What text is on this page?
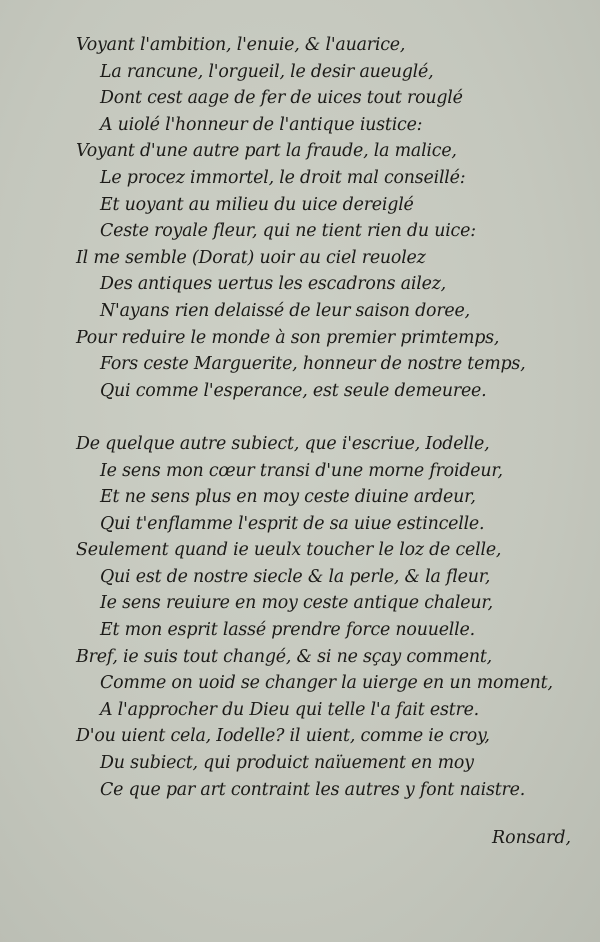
Voyant l'ambition, l'enuie, & l'auarice,
La rancune, l'orgueil, le desir aueuglé,
Dont cest aage de fer de uices tout rouglé
A uiolé l'honneur de l'antique iustice:
Voyant d'une autre part la fraude, la malice,
Le procez immortel, le droit mal conseillé:
Et uoyant au milieu du uice dereiglé
Ceste royale fleur, qui ne tient rien du uice:
Il me semble (Dorat) uoir au ciel reuolez
Des antiques uertus les escadrons ailez,
N'ayans rien delaissé de leur saison doree,
Pour reduire le monde à son premier primtemps,
Fors ceste Marguerite, honneur de nostre temps,
Qui comme l'esperance, est seule demeuree.
De quelque autre subiect, que i'escriue, Iodelle,
Ie sens mon cœur transi d'une morne froideur,
Et ne sens plus en moy ceste diuine ardeur,
Qui t'enflamme l'esprit de sa uiue estincelle.
Seulement quand ie ueulx toucher le loz de celle,
Qui est de nostre siecle & la perle, & la fleur,
Ie sens reuiure en moy ceste antique chaleur,
Et mon esprit lassé prendre force nouuelle.
Bref, ie suis tout changé, & si ne sçay comment,
Comme on uoid se changer la uierge en un moment,
A l'approcher du Dieu qui telle l'a fait estre.
D'ou uient cela, Iodelle? il uient, comme ie croy,
Du subiect, qui produict naïuement en moy
Ce que par art contraint les autres y font naistre.
Ronsard,
